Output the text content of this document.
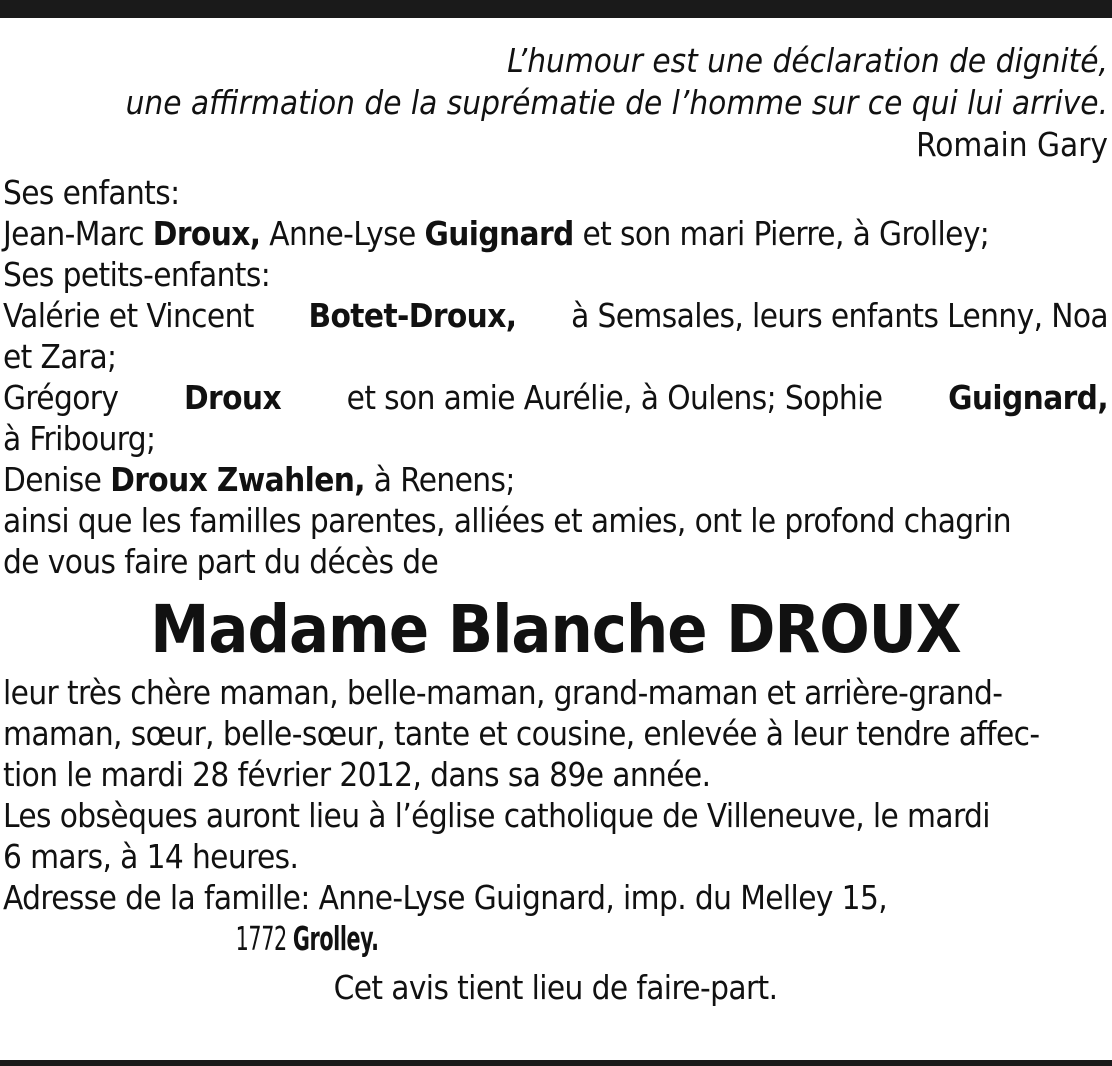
L’humour est une déclaration de dignité,
une affirmation de la suprématie de l’homme sur ce qui lui arrive.
Romain Gary
Ses enfants:
Jean-Marc Droux, Anne-Lyse Guignard et son mari Pierre, à Grolley;
Ses petits-enfants:
Valérie et Vincent Botet-Droux, à Semsales, leurs enfants Lenny, Noa
et Zara;
Grégory Droux et son amie Aurélie, à Oulens; Sophie Guignard,
à Fribourg;
Denise Droux Zwahlen, à Renens;
ainsi que les familles parentes, alliées et amies, ont le profond chagrin
de vous faire part du décès de
Madame Blanche DROUX
leur très chère maman, belle-maman, grand-maman et arrière-grand-
maman, sœur, belle-sœur, tante et cousine, enlevée à leur tendre affec-
tion le mardi 28 février 2012, dans sa 89e année.
Les obsèques auront lieu à l’église catholique de Villeneuve, le mardi
6 mars, à 14 heures.
Adresse de la famille: Anne-Lyse Guignard, imp. du Melley 15,
1772 Grolley.
Cet avis tient lieu de faire-part.
